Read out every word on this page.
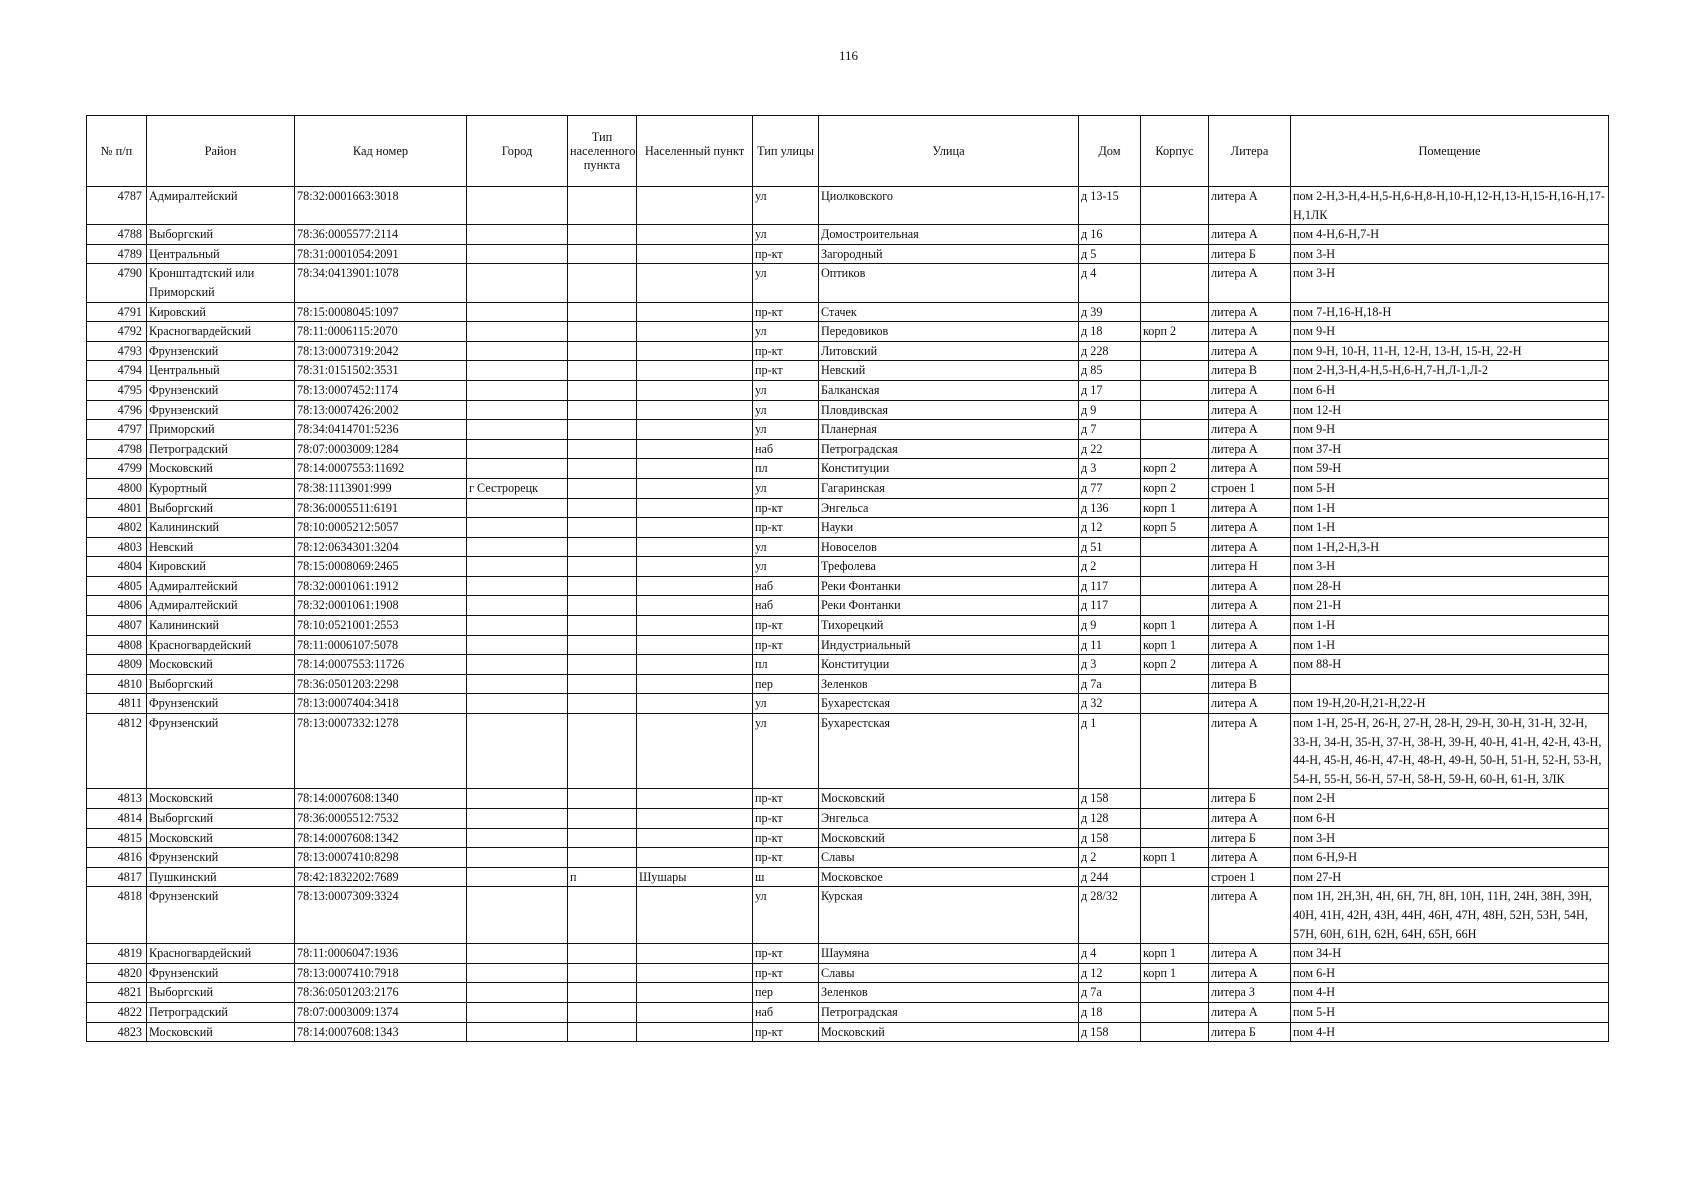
116
№ п/п	Район	Кад номер	Город	Тип населенного пункта	Населенный пункт	Тип улицы	Улица	Дом	Корпус	Литера	Помещение
4787	Адмиралтейский	78:32:0001663:3018				ул	Циолковского	д 13-15		литера А	пом 2-Н,3-Н,4-Н,5-Н,6-Н,8-Н,10-Н,12-Н,13-Н,15-Н,16-Н,17-Н,1ЛК
4788	Выборгский	78:36:0005577:2114				ул	Домостроительная	д 16		литера А	пом 4-Н,6-Н,7-Н
4789	Центральный	78:31:0001054:2091				пр-кт	Загородный	д 5		литера Б	пом 3-Н
4790	Кронштадтский или Приморский	78:34:0413901:1078				ул	Оптиков	д 4		литера А	пом 3-Н
4791	Кировский	78:15:0008045:1097				пр-кт	Стачек	д 39		литера А	пом 7-Н,16-Н,18-Н
4792	Красногвардейский	78:11:0006115:2070				ул	Передовиков	д 18	корп 2	литера А	пом 9-Н
4793	Фрунзенский	78:13:0007319:2042				пр-кт	Литовский	д 228		литера А	пом 9-Н, 10-Н, 11-Н, 12-Н, 13-Н, 15-Н, 22-Н
4794	Центральный	78:31:0151502:3531				пр-кт	Невский	д 85		литера В	пом 2-Н,3-Н,4-Н,5-Н,6-Н,7-Н,Л-1,Л-2
4795	Фрунзенский	78:13:0007452:1174				ул	Балканская	д 17		литера А	пом 6-Н
4796	Фрунзенский	78:13:0007426:2002				ул	Пловдивская	д 9		литера А	пом 12-Н
4797	Приморский	78:34:0414701:5236				ул	Планерная	д 7		литера А	пом 9-Н
4798	Петроградский	78:07:0003009:1284				наб	Петроградская	д 22		литера А	пом 37-Н
4799	Московский	78:14:0007553:11692				пл	Конституции	д 3	корп 2	литера А	пом 59-Н
4800	Курортный	78:38:1113901:999	г Сестрорецк			ул	Гагаринская	д 77	корп 2	строен 1	пом 5-Н
4801	Выборгский	78:36:0005511:6191				пр-кт	Энгельса	д 136	корп 1	литера А	пом 1-Н
4802	Калининский	78:10:0005212:5057				пр-кт	Науки	д 12	корп 5	литера А	пом 1-Н
4803	Невский	78:12:0634301:3204				ул	Новоселов	д 51		литера А	пом 1-Н,2-Н,3-Н
4804	Кировский	78:15:0008069:2465				ул	Трефолева	д 2		литера Н	пом 3-Н
4805	Адмиралтейский	78:32:0001061:1912				наб	Реки Фонтанки	д 117		литера А	пом 28-Н
4806	Адмиралтейский	78:32:0001061:1908				наб	Реки Фонтанки	д 117		литера А	пом 21-Н
4807	Калининский	78:10:0521001:2553				пр-кт	Тихорецкий	д 9	корп 1	литера А	пом 1-Н
4808	Красногвардейский	78:11:0006107:5078				пр-кт	Индустриальный	д 11	корп 1	литера А	пом 1-Н
4809	Московский	78:14:0007553:11726				пл	Конституции	д 3	корп 2	литера А	пом 88-Н
4810	Выборгский	78:36:0501203:2298				пер	Зеленков	д 7а		литера В	
4811	Фрунзенский	78:13:0007404:3418				ул	Бухарестская	д 32		литера А	пом 19-Н,20-Н,21-Н,22-Н
4812	Фрунзенский	78:13:0007332:1278				ул	Бухарестская	д 1		литера А	пом 1-Н, 25-Н, 26-Н, 27-Н, 28-Н, 29-Н, 30-Н, 31-Н, 32-Н, 33-Н, 34-Н, 35-Н, 37-Н, 38-Н, 39-Н, 40-Н, 41-Н, 42-Н, 43-Н, 44-Н, 45-Н, 46-Н, 47-Н, 48-Н, 49-Н, 50-Н, 51-Н, 52-Н, 53-Н, 54-Н, 55-Н, 56-Н, 57-Н, 58-Н, 59-Н, 60-Н, 61-Н, 3ЛК
4813	Московский	78:14:0007608:1340				пр-кт	Московский	д 158		литера Б	пом 2-Н
4814	Выборгский	78:36:0005512:7532				пр-кт	Энгельса	д 128		литера А	пом 6-Н
4815	Московский	78:14:0007608:1342				пр-кт	Московский	д 158		литера Б	пом 3-Н
4816	Фрунзенский	78:13:0007410:8298				пр-кт	Славы	д 2	корп 1	литера А	пом 6-Н,9-Н
4817	Пушкинский	78:42:1832202:7689		п	Шушары	ш	Московское	д 244		строен 1	пом 27-Н
4818	Фрунзенский	78:13:0007309:3324				ул	Курская	д 28/32		литера А	пом 1Н, 2Н,3Н, 4Н, 6Н, 7Н, 8Н, 10Н, 11Н, 24Н, 38Н, 39Н, 40Н, 41Н, 42Н, 43Н, 44Н, 46Н, 47Н, 48Н, 52Н, 53Н, 54Н, 57Н, 60Н, 61Н, 62Н, 64Н, 65Н, 66Н
4819	Красногвардейский	78:11:0006047:1936				пр-кт	Шаумяна	д 4	корп 1	литера А	пом 34-Н
4820	Фрунзенский	78:13:0007410:7918				пр-кт	Славы	д 12	корп 1	литера А	пом 6-Н
4821	Выборгский	78:36:0501203:2176				пер	Зеленков	д 7а		литера З	пом 4-Н
4822	Петроградский	78:07:0003009:1374				наб	Петроградская	д 18		литера А	пом 5-Н
4823	Московский	78:14:0007608:1343				пр-кт	Московский	д 158		литера Б	пом 4-Н
